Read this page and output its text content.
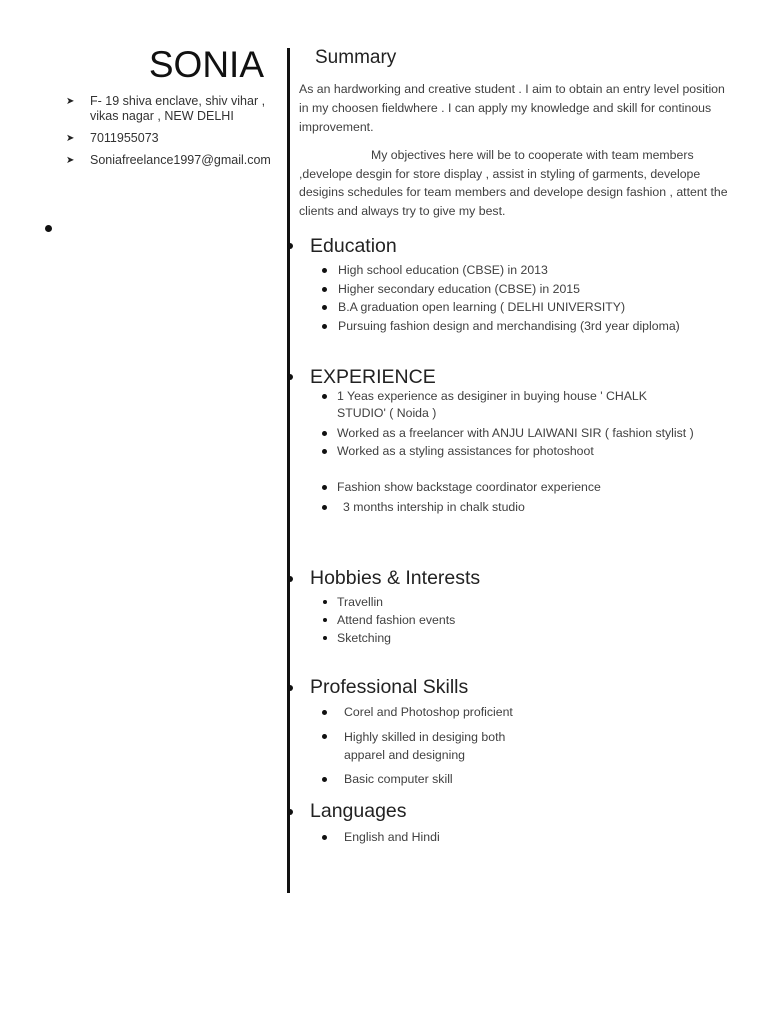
SONIA
➤ F- 19 shiva enclave, shiv vihar , vikas nagar , NEW DELHI
➤ 7011955073
➤ Soniafreelance1997@gmail.com
Summary
As an hardworking and creative student . I aim to obtain an entry level position in my choosen fieldwhere . I can apply my knowledge and skill for continous improvement.
My objectives here will be to cooperate with team members ,develope desgin for store display , assist in styling of garments, develope desigins schedules for team members and develope design fashion , attent the clients and always try to give my best.
Education
High school education (CBSE) in 2013
Higher secondary education (CBSE) in 2015
B.A graduation open learning ( DELHI UNIVERSITY)
Pursuing fashion design and merchandising (3rd year diploma)
EXPERIENCE
1 Yeas experience as desiginer in buying house ' CHALK STUDIO' ( Noida )
Worked as a freelancer with ANJU LAIWANI SIR ( fashion stylist )
Worked as a styling assistances for photoshoot
Fashion show backstage coordinator experience
3 months intership in chalk studio
Hobbies & Interests
Travellin
Attend fashion events
Sketching
Professional Skills
Corel and Photoshop proficient
Highly skilled in desiging both apparel and designing
Basic computer skill
Languages
English and Hindi
